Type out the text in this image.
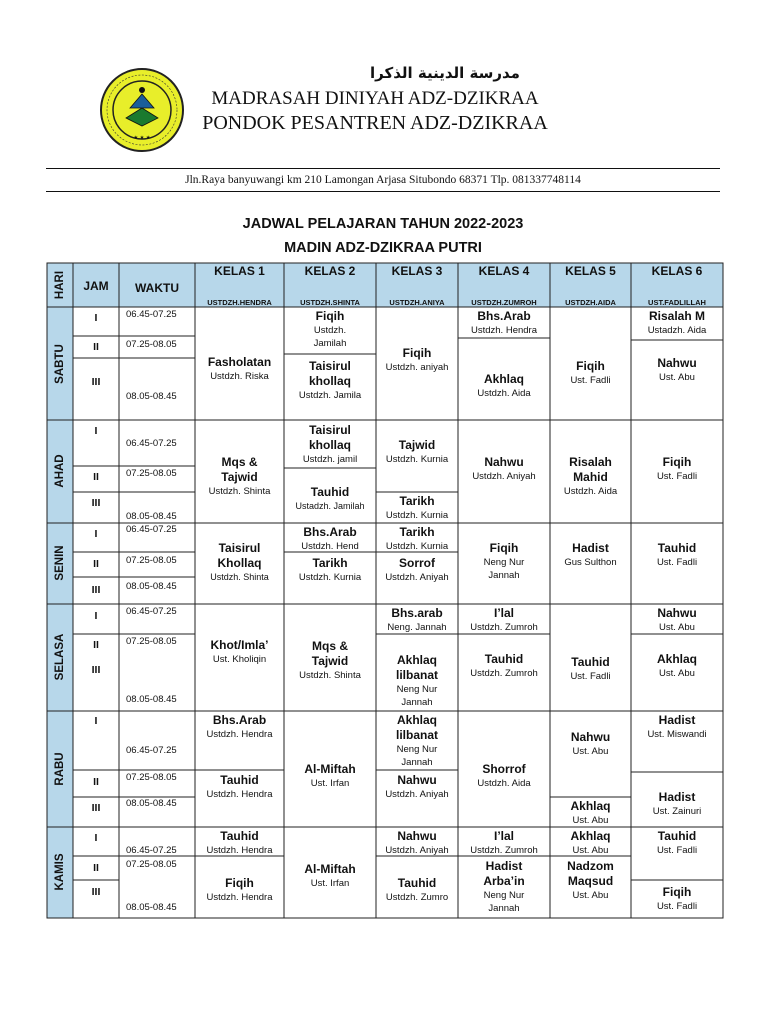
★ ★ ★
مدرسة الدينية الذكرا
MADRASAH DINIYAH ADZ-DZIKRAA
PONDOK PESANTREN ADZ-DZIKRAA
Jln.Raya banyuwangi km 210 Lamongan Arjasa Situbondo 68371 Tlp. 081337748114
JADWAL PELAJARAN TAHUN 2022-2023
MADIN ADZ-DZIKRAA PUTRI
HARI	JAM	WAKTU
KELAS 1
USTDZH.HENDRA
KELAS 2
USTDZH.SHINTA
KELAS 3
USTDZH.ANIYA
KELAS 4
USTDZH.ZUMROH
KELAS 5
USTDZH.AIDA
KELAS 6
UST.FADLILLAH
SABTU
AHAD
SENIN
SELASA
RABU
KAMIS
I
II
III
I
II
III
I
II
III
I
II
III
I
II
III
I
II
III
06.45-07.25
07.25-08.05
08.05-08.45
06.45-07.25
07.25-08.05
08.05-08.45
06.45-07.25
07.25-08.05
08.05-08.45
06.45-07.25
07.25-08.05
08.05-08.45
06.45-07.25
07.25-08.05
08.05-08.45
06.45-07.25
07.25-08.05
08.05-08.45
Fasholatan
Ustdzh. Riska
Fiqih
Ustdzh.
Jamilah
Taisirul
khollaq
Ustdzh. Jamila
Fiqih
Ustdzh. aniyah
Bhs.Arab
Ustdzh. Hendra
Akhlaq
Ustdzh. Aida
Fiqih
Ust. Fadli
Risalah M
Ustadzh. Aida
Nahwu
Ust. Abu
Mqs &
Tajwid
Ustdzh. Shinta
Taisirul
khollaq
Ustdzh. jamil
Tauhid
Ustadzh. Jamilah
Tajwid
Ustdzh. Kurnia
Tarikh
Ustdzh. Kurnia
Nahwu
Ustdzh. Aniyah
Risalah
Mahid
Ustdzh. Aida
Fiqih
Ust. Fadli
Taisirul
Khollaq
Ustdzh. Shinta
Bhs.Arab
Ustdzh. Hend
Tarikh
Ustdzh. Kurnia
Tarikh
Ustdzh. Kurnia
Sorrof
Ustdzh. Aniyah
Fiqih
Neng Nur
Jannah
Hadist
Gus Sulthon
Tauhid
Ust. Fadli
Khot/Imla’
Ust. Kholiqin
Mqs &
Tajwid
Ustdzh. Shinta
Bhs.arab
Neng. Jannah
Akhlaq
lilbanat
Neng Nur
Jannah
I’lal
Ustdzh. Zumroh
Tauhid
Ustdzh. Zumroh
Tauhid
Ust. Fadli
Nahwu
Ust. Abu
Akhlaq
Ust. Abu
Bhs.Arab
Ustdzh. Hendra
Tauhid
Ustdzh. Hendra
Al-Miftah
Ust. Irfan
Akhlaq
lilbanat
Neng Nur
Jannah
Nahwu
Ustdzh. Aniyah
Shorrof
Ustdzh. Aida
Nahwu
Ust. Abu
Akhlaq
Ust. Abu
Hadist
Ust. Miswandi
Hadist
Ust. Zainuri
Tauhid
Ustdzh. Hendra
Fiqih
Ustdzh. Hendra
Al-Miftah
Ust. Irfan
Nahwu
Ustdzh. Aniyah
Tauhid
Ustdzh. Zumro
I’lal
Ustdzh. Zumroh
Hadist
Arba’in
Neng Nur
Jannah
Akhlaq
Ust. Abu
Nadzom
Maqsud
Ust. Abu
Tauhid
Ust. Fadli
Fiqih
Ust. Fadli
